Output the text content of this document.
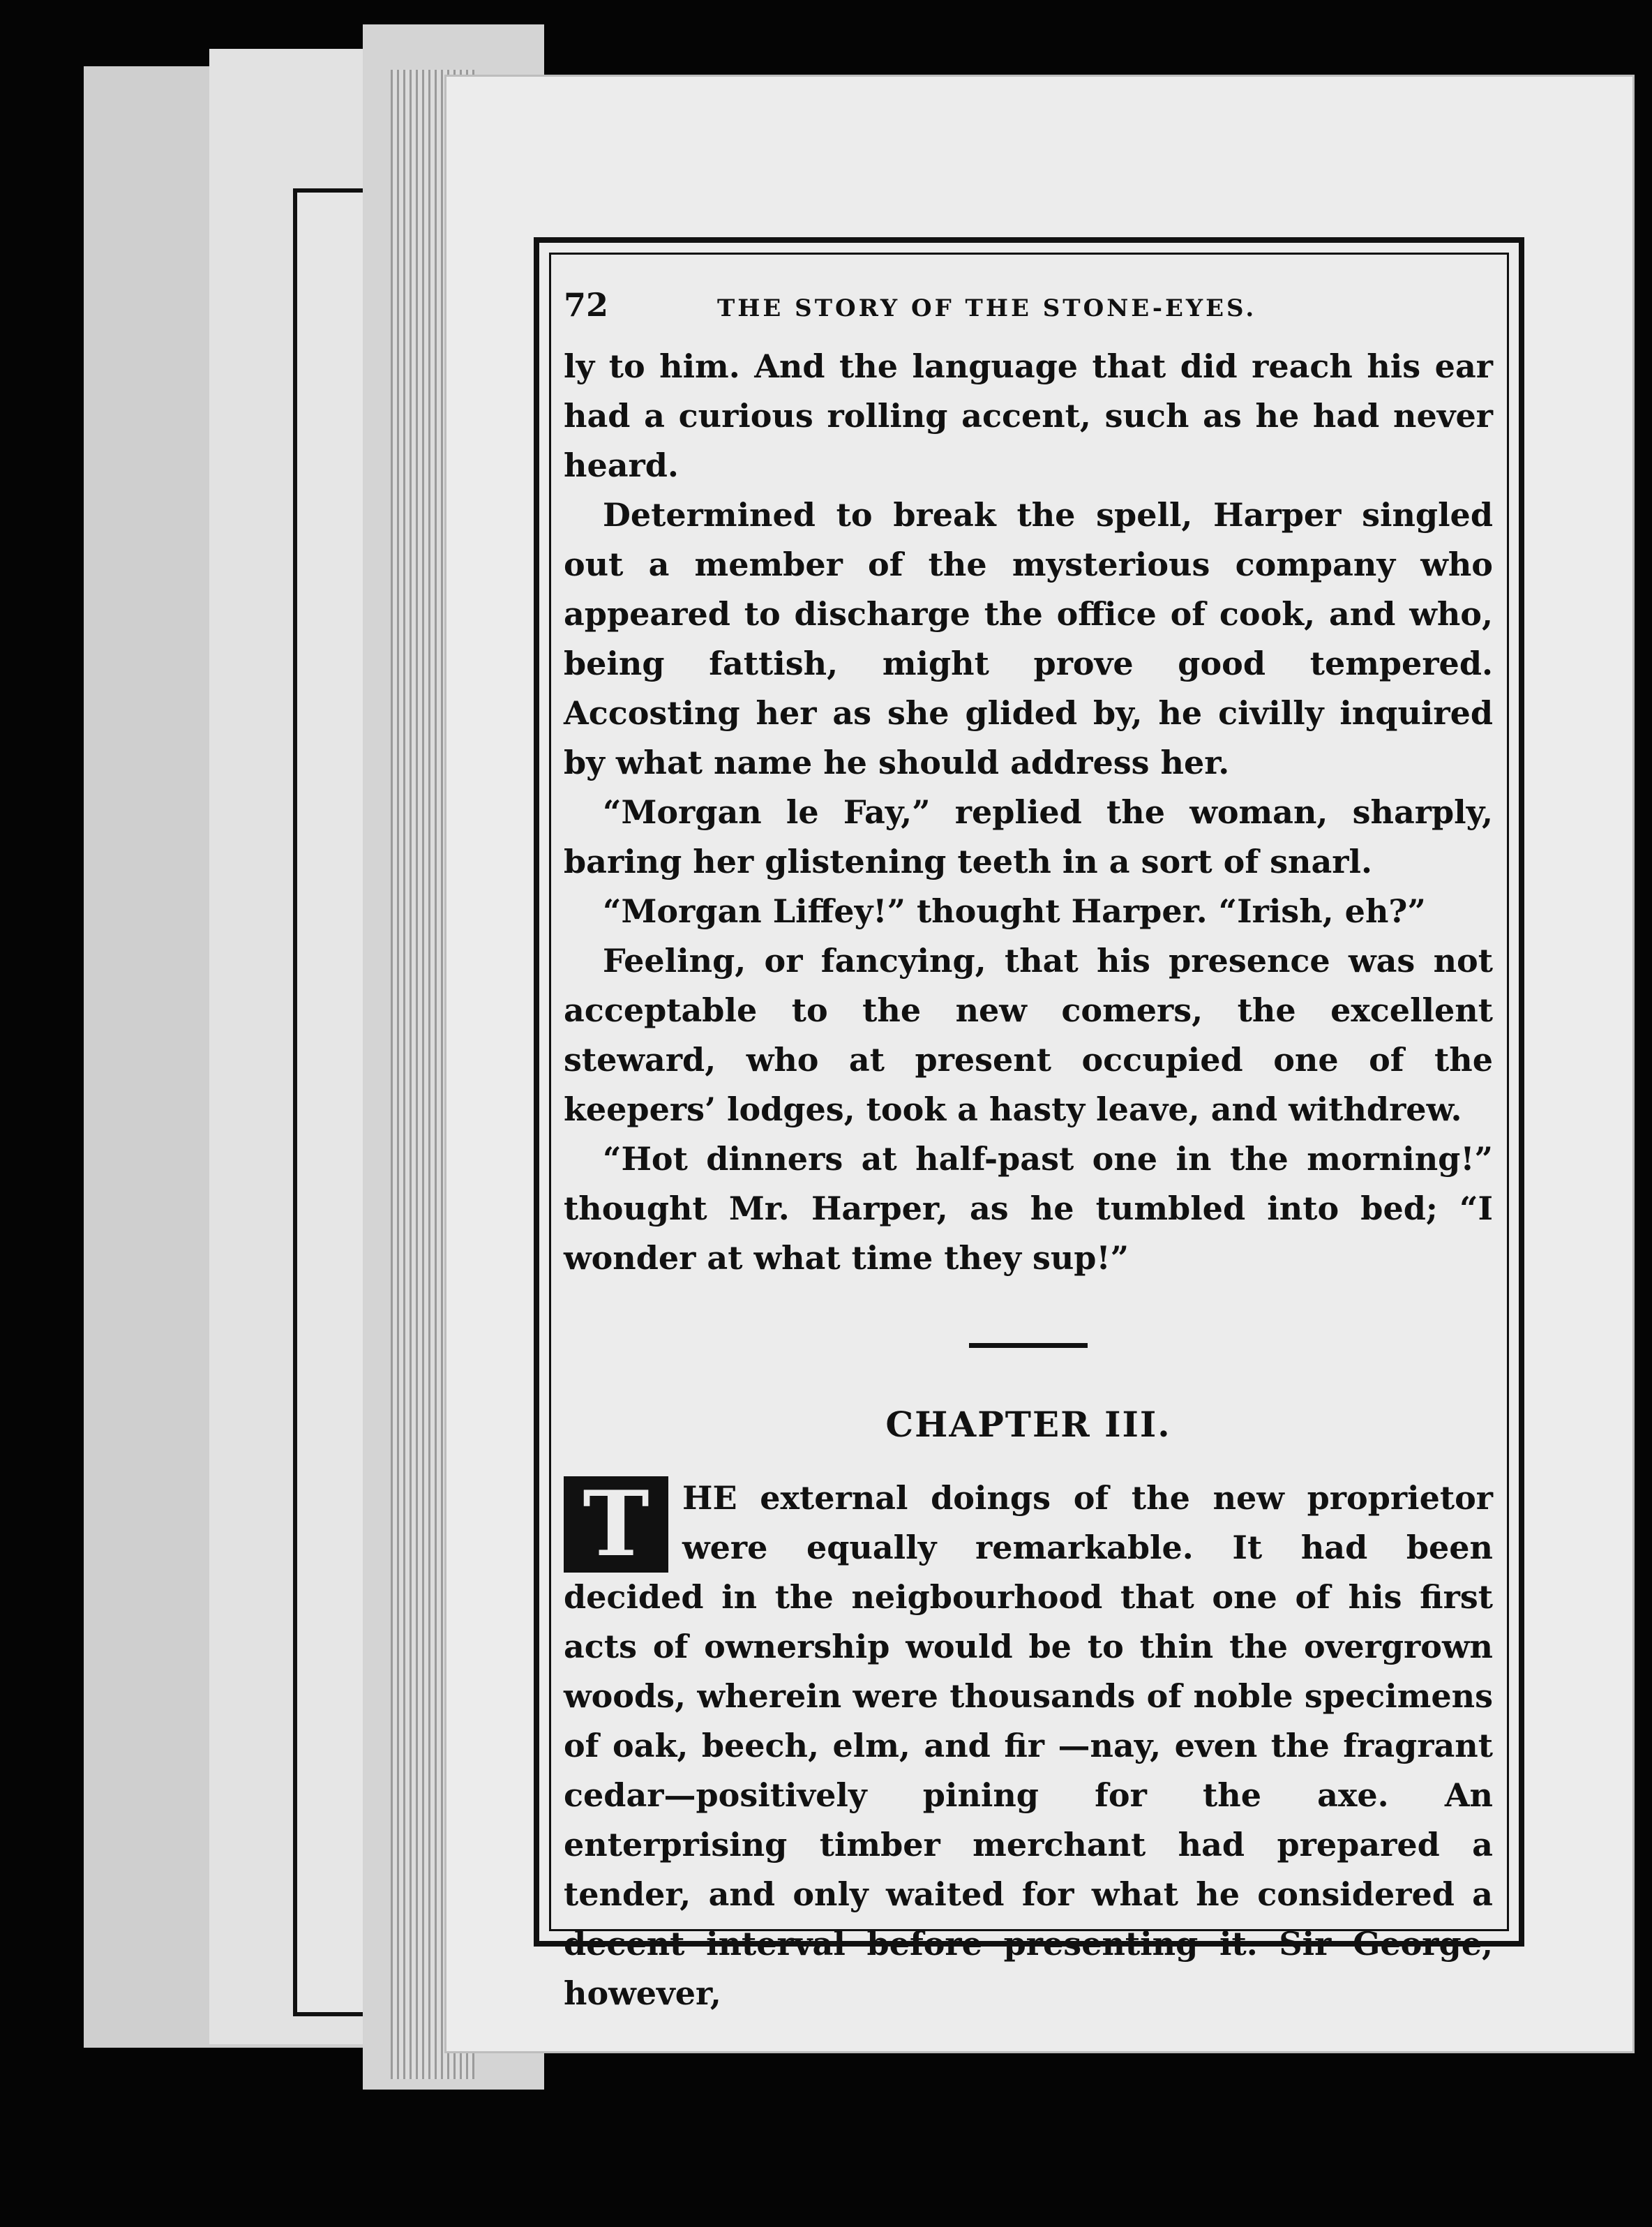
72	THE STORY OF THE STONE-EYES.

ly to him. And the language that did reach his ear had a curious rolling accent, such as he had never heard.

Determined to break the spell, Harper singled out a member of the mysterious company who appeared to discharge the office of cook, and who, being fattish, might prove good tempered. Accosting her as she glided by, he civilly inquired by what name he should address her.

“Morgan le Fay,” replied the woman, sharply, baring her glistening teeth in a sort of snarl.

“Morgan Liffey!” thought Harper. “Irish, eh?”

Feeling, or fancying, that his presence was not acceptable to the new comers, the excellent steward, who at present occupied one of the keepers’ lodges, took a hasty leave, and withdrew.

“Hot dinners at half-past one in the morning!” thought Mr. Harper, as he tumbled into bed; “I wonder at what time they sup!”

CHAPTER III.
T	HE external doings of the new proprietor were equally remarkable. It had been decided in the neigbourhood that one of his first acts of ownership would be to thin the overgrown woods, wherein were thousands of noble specimens of oak, beech, elm, and fir —nay, even the fragrant cedar—positively pining for the axe. An enterprising timber merchant had prepared a tender, and only waited for what he considered a decent interval before presenting it. Sir George, however,
